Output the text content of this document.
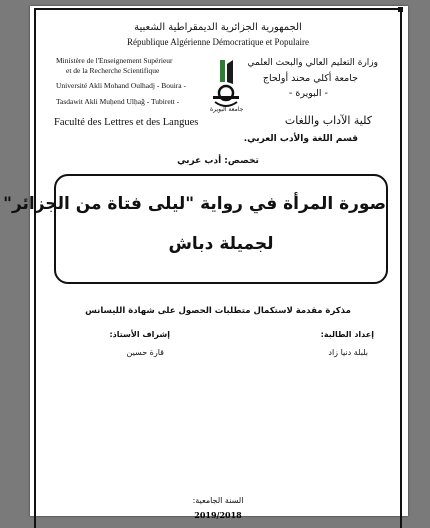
الجمهورية الجزائرية الديمقراطية الشعبية
République Algérienne Démocratique et Populaire
Ministère de l'Enseignement Supérieur
et de la Recherche Scientifique
Université Akli Mohand Oulhadj - Bouira -
Tasdawit Akli Muḥend Ulḥağ - Tubirett -
Faculté des Lettres et des Langues
وزارة التعليم العالي والبحث العلمي
جامعة أكلي محند أولحاج
- البويرة -
كلية الآداب واللغات
قسم اللغة والأدب العربي.
جامعة البويرة
تخصص: أدب عربي
صورة المرأة في رواية "ليلى فتاة من الجزائر"
لجميلة دباش
مذكرة مقدمة لاستكمال متطلبات الحصول على شهادة الليسانس
إعداد الطالبة:
إشراف الأستاذ:
بلبلة دنيا زاد
قارة حسين
السنة الجامعية:
2019/2018
